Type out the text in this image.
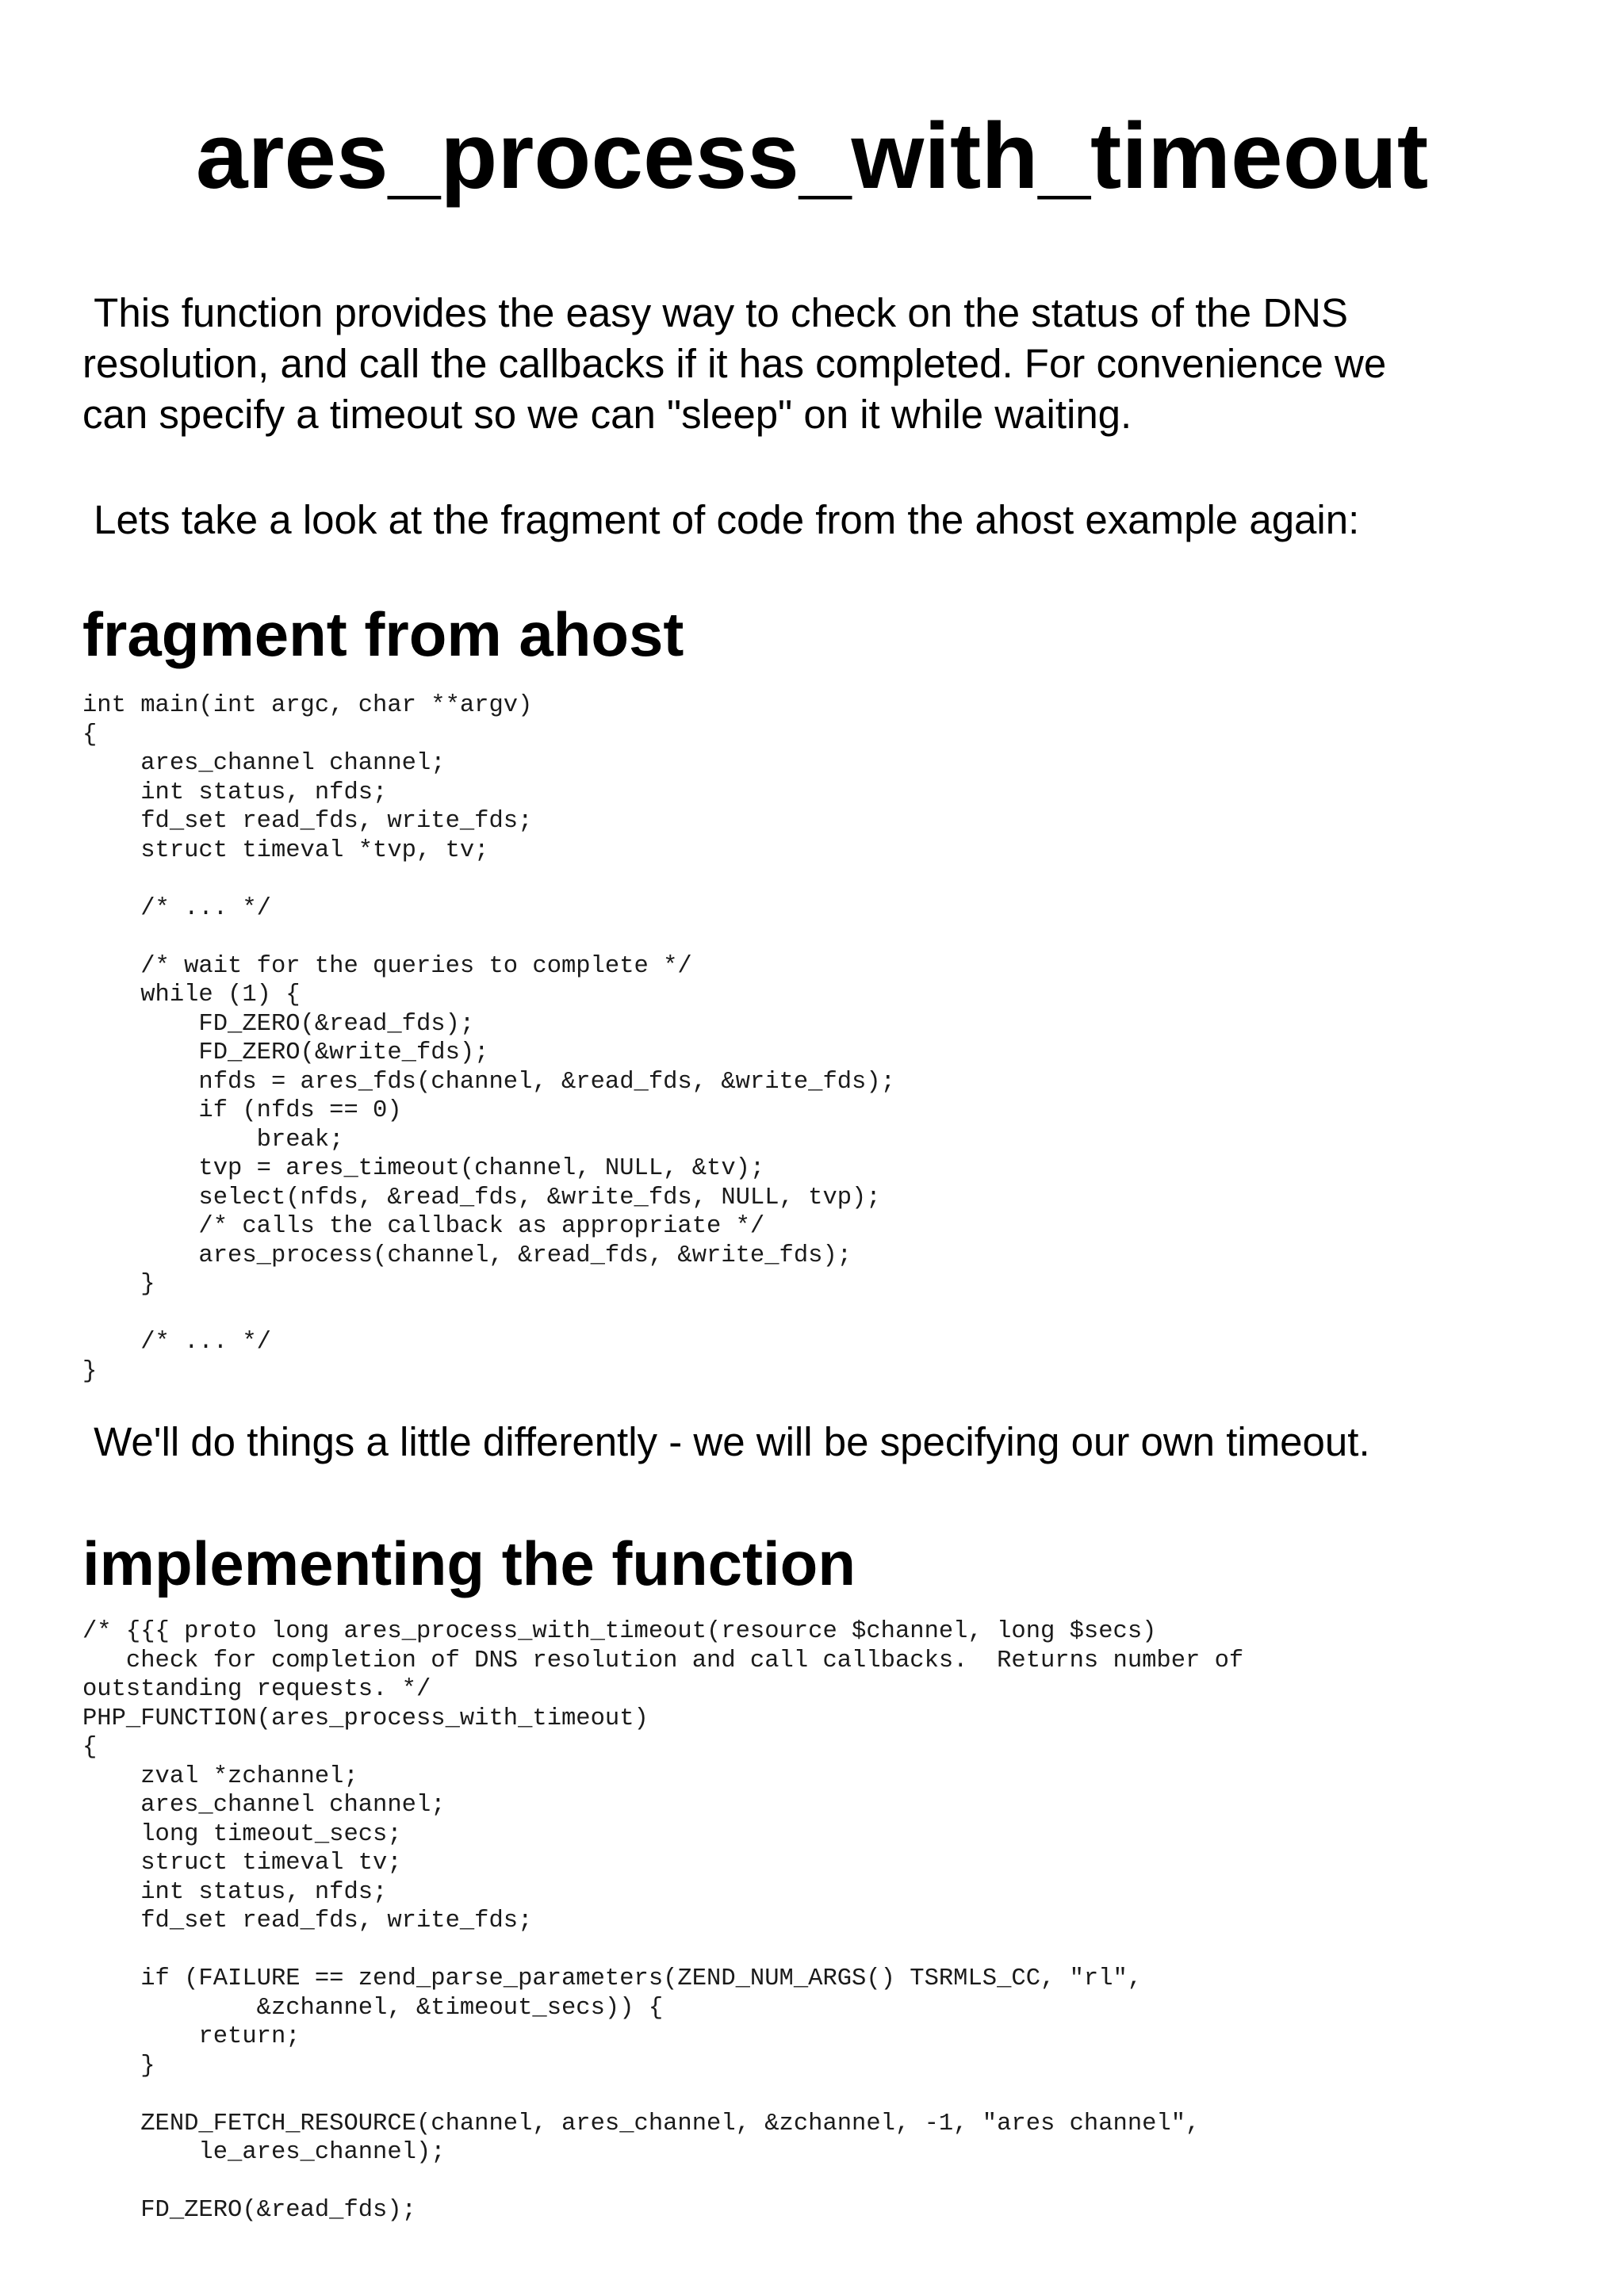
ares_process_with_timeout

This function provides the easy way to check on the status of the DNS
resolution, and call the callbacks if it has completed. For convenience we
can specify a timeout so we can "sleep" on it while waiting.

Lets take a look at the fragment of code from the ahost example again:

fragment from ahost
int main(int argc, char **argv)
{
ares_channel channel;
int status, nfds;
fd_set read_fds, write_fds;
struct timeval *tvp, tv;

/* ... */

/* wait for the queries to complete */
while (1) {
FD_ZERO(&read_fds);
FD_ZERO(&write_fds);
nfds = ares_fds(channel, &read_fds, &write_fds);
if (nfds == 0)
break;
tvp = ares_timeout(channel, NULL, &tv);
select(nfds, &read_fds, &write_fds, NULL, tvp);
/* calls the callback as appropriate */
ares_process(channel, &read_fds, &write_fds);
}

/* ... */
}

We'll do things a little differently - we will be specifying our own timeout.

implementing the function
/* {{{ proto long ares_process_with_timeout(resource $channel, long $secs)
check for completion of DNS resolution and call callbacks.  Returns number of
outstanding requests. */
PHP_FUNCTION(ares_process_with_timeout)
{
zval *zchannel;
ares_channel channel;
long timeout_secs;
struct timeval tv;
int status, nfds;
fd_set read_fds, write_fds;

if (FAILURE == zend_parse_parameters(ZEND_NUM_ARGS() TSRMLS_CC, "rl",
&zchannel, &timeout_secs)) {
return;
}

ZEND_FETCH_RESOURCE(channel, ares_channel, &zchannel, -1, "ares channel",
le_ares_channel);

FD_ZERO(&read_fds);
